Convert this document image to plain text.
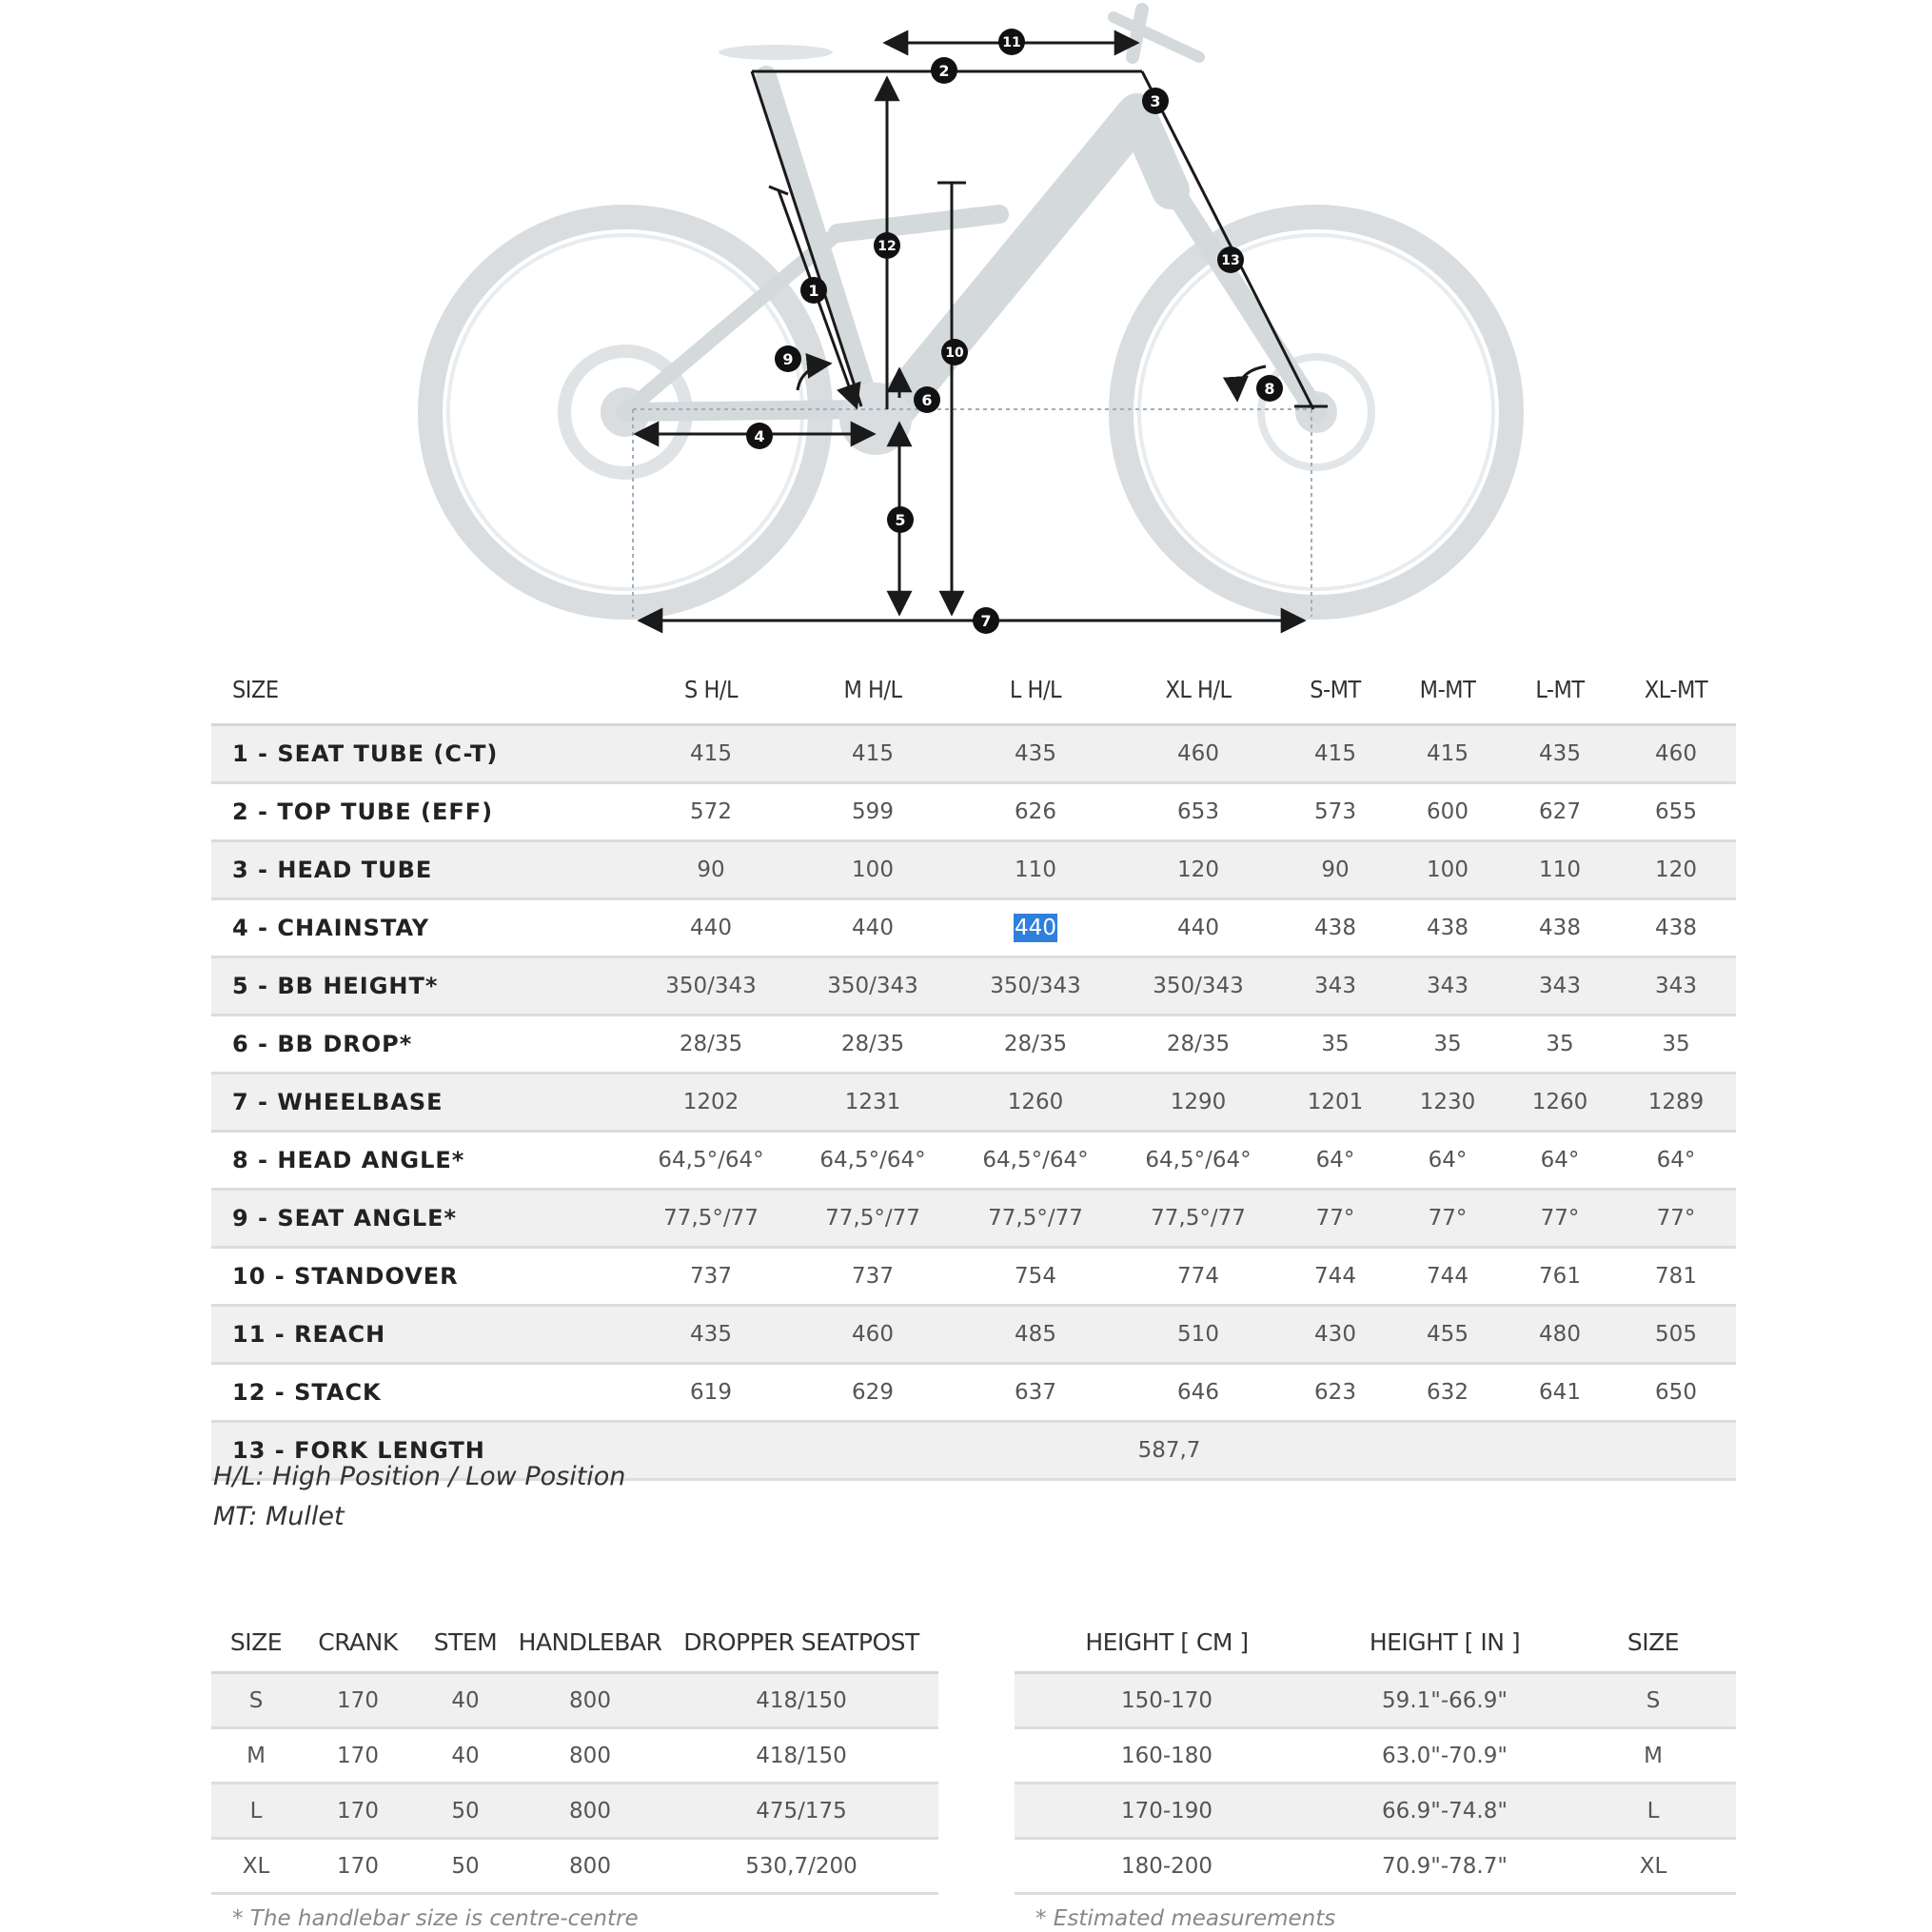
1
2
3
4
5
6
7
8
9	10
11
12
13
SIZE	S H/L	M H/L	L H/L	XL H/L	S-MT	M-MT	L-MT	XL-MT
1 - SEAT TUBE (C-T)	415	415	435	460	415	415	435	460
2 - TOP TUBE (EFF)	572	599	626	653	573	600	627	655
3 - HEAD TUBE	90	100	110	120	90	100	110	120
4 - CHAINSTAY	440	440	440	440	438	438	438	438
5 - BB HEIGHT*	350/343	350/343	350/343	350/343	343	343	343	343
6 - BB DROP*	28/35	28/35	28/35	28/35	35	35	35	35
7 - WHEELBASE	1202	1231	1260	1290	1201	1230	1260	1289
8 - HEAD ANGLE*	64,5°/64°	64,5°/64°	64,5°/64°	64,5°/64°	64°	64°	64°	64°
9 - SEAT ANGLE*	77,5°/77	77,5°/77	77,5°/77	77,5°/77	77°	77°	77°	77°
10 - STANDOVER	737	737	754	774	744	744	761	781
11 - REACH	435	460	485	510	430	455	480	505
12 - STACK	619	629	637	646	623	632	641	650
13 - FORK LENGTH	587,7							
H/L: High Position / Low Position
MT: Mullet
SIZE	CRANK	STEM	HANDLEBAR	DROPPER SEATPOST
S	170	40	800	418/150
M	170	40	800	418/150
L	170	50	800	475/175
XL	170	50	800	530,7/200
HEIGHT [ CM ]	HEIGHT [ IN ]	SIZE
150-170	59.1"-66.9"	S
160-180	63.0"-70.9"	M
170-190	66.9"-74.8"	L
180-200	70.9"-78.7"	XL
* The handlebar size is centre-centre	* Estimated measurements
